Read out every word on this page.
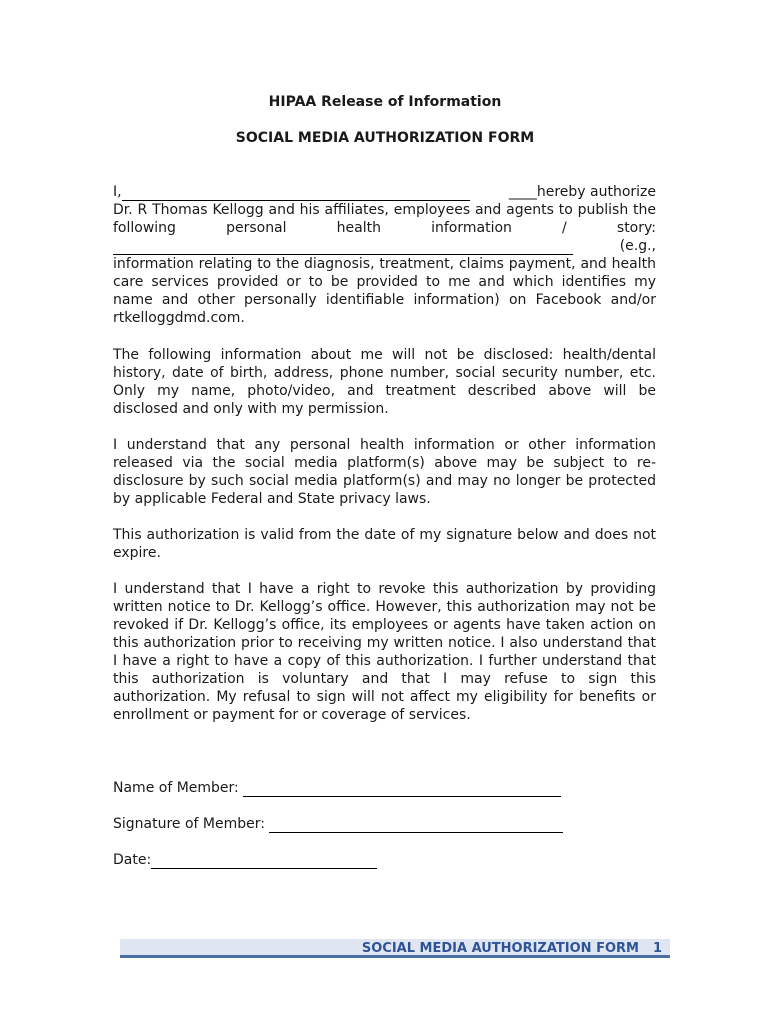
HIPAA Release of Information
SOCIAL MEDIA AUTHORIZATION FORM
I,	____hereby authorize
Dr. R Thomas Kellogg and his affiliates, employees and agents to publish the following personal health information / story:
(e.g.,
information relating to the diagnosis, treatment, claims payment, and health care services provided or to be provided to me and which identifies my name and other personally identifiable information) on Facebook and/or rtkelloggdmd.com.
The following information about me will not be disclosed: health/dental history, date of birth, address, phone number, social security number, etc. Only my name, photo/video, and treatment described above will be disclosed and only with my permission.
I understand that any personal health information or other information released via the social media platform(s) above may be subject to re-disclosure by such social media platform(s) and may no longer be protected by applicable Federal and State privacy laws.
This authorization is valid from the date of my signature below and does not expire.
I understand that I have a right to revoke this authorization by providing written notice to Dr. Kellogg’s office. However, this authorization may not be revoked if Dr. Kellogg’s office, its employees or agents have taken action on this authorization prior to receiving my written notice. I also understand that I have a right to have a copy of this authorization. I further understand that this authorization is voluntary and that I may refuse to sign this authorization. My refusal to sign will not affect my eligibility for benefits or enrollment or payment for or coverage of services.
Name of Member:
Signature of Member:
Date:
SOCIAL MEDIA AUTHORIZATION FORM 1
